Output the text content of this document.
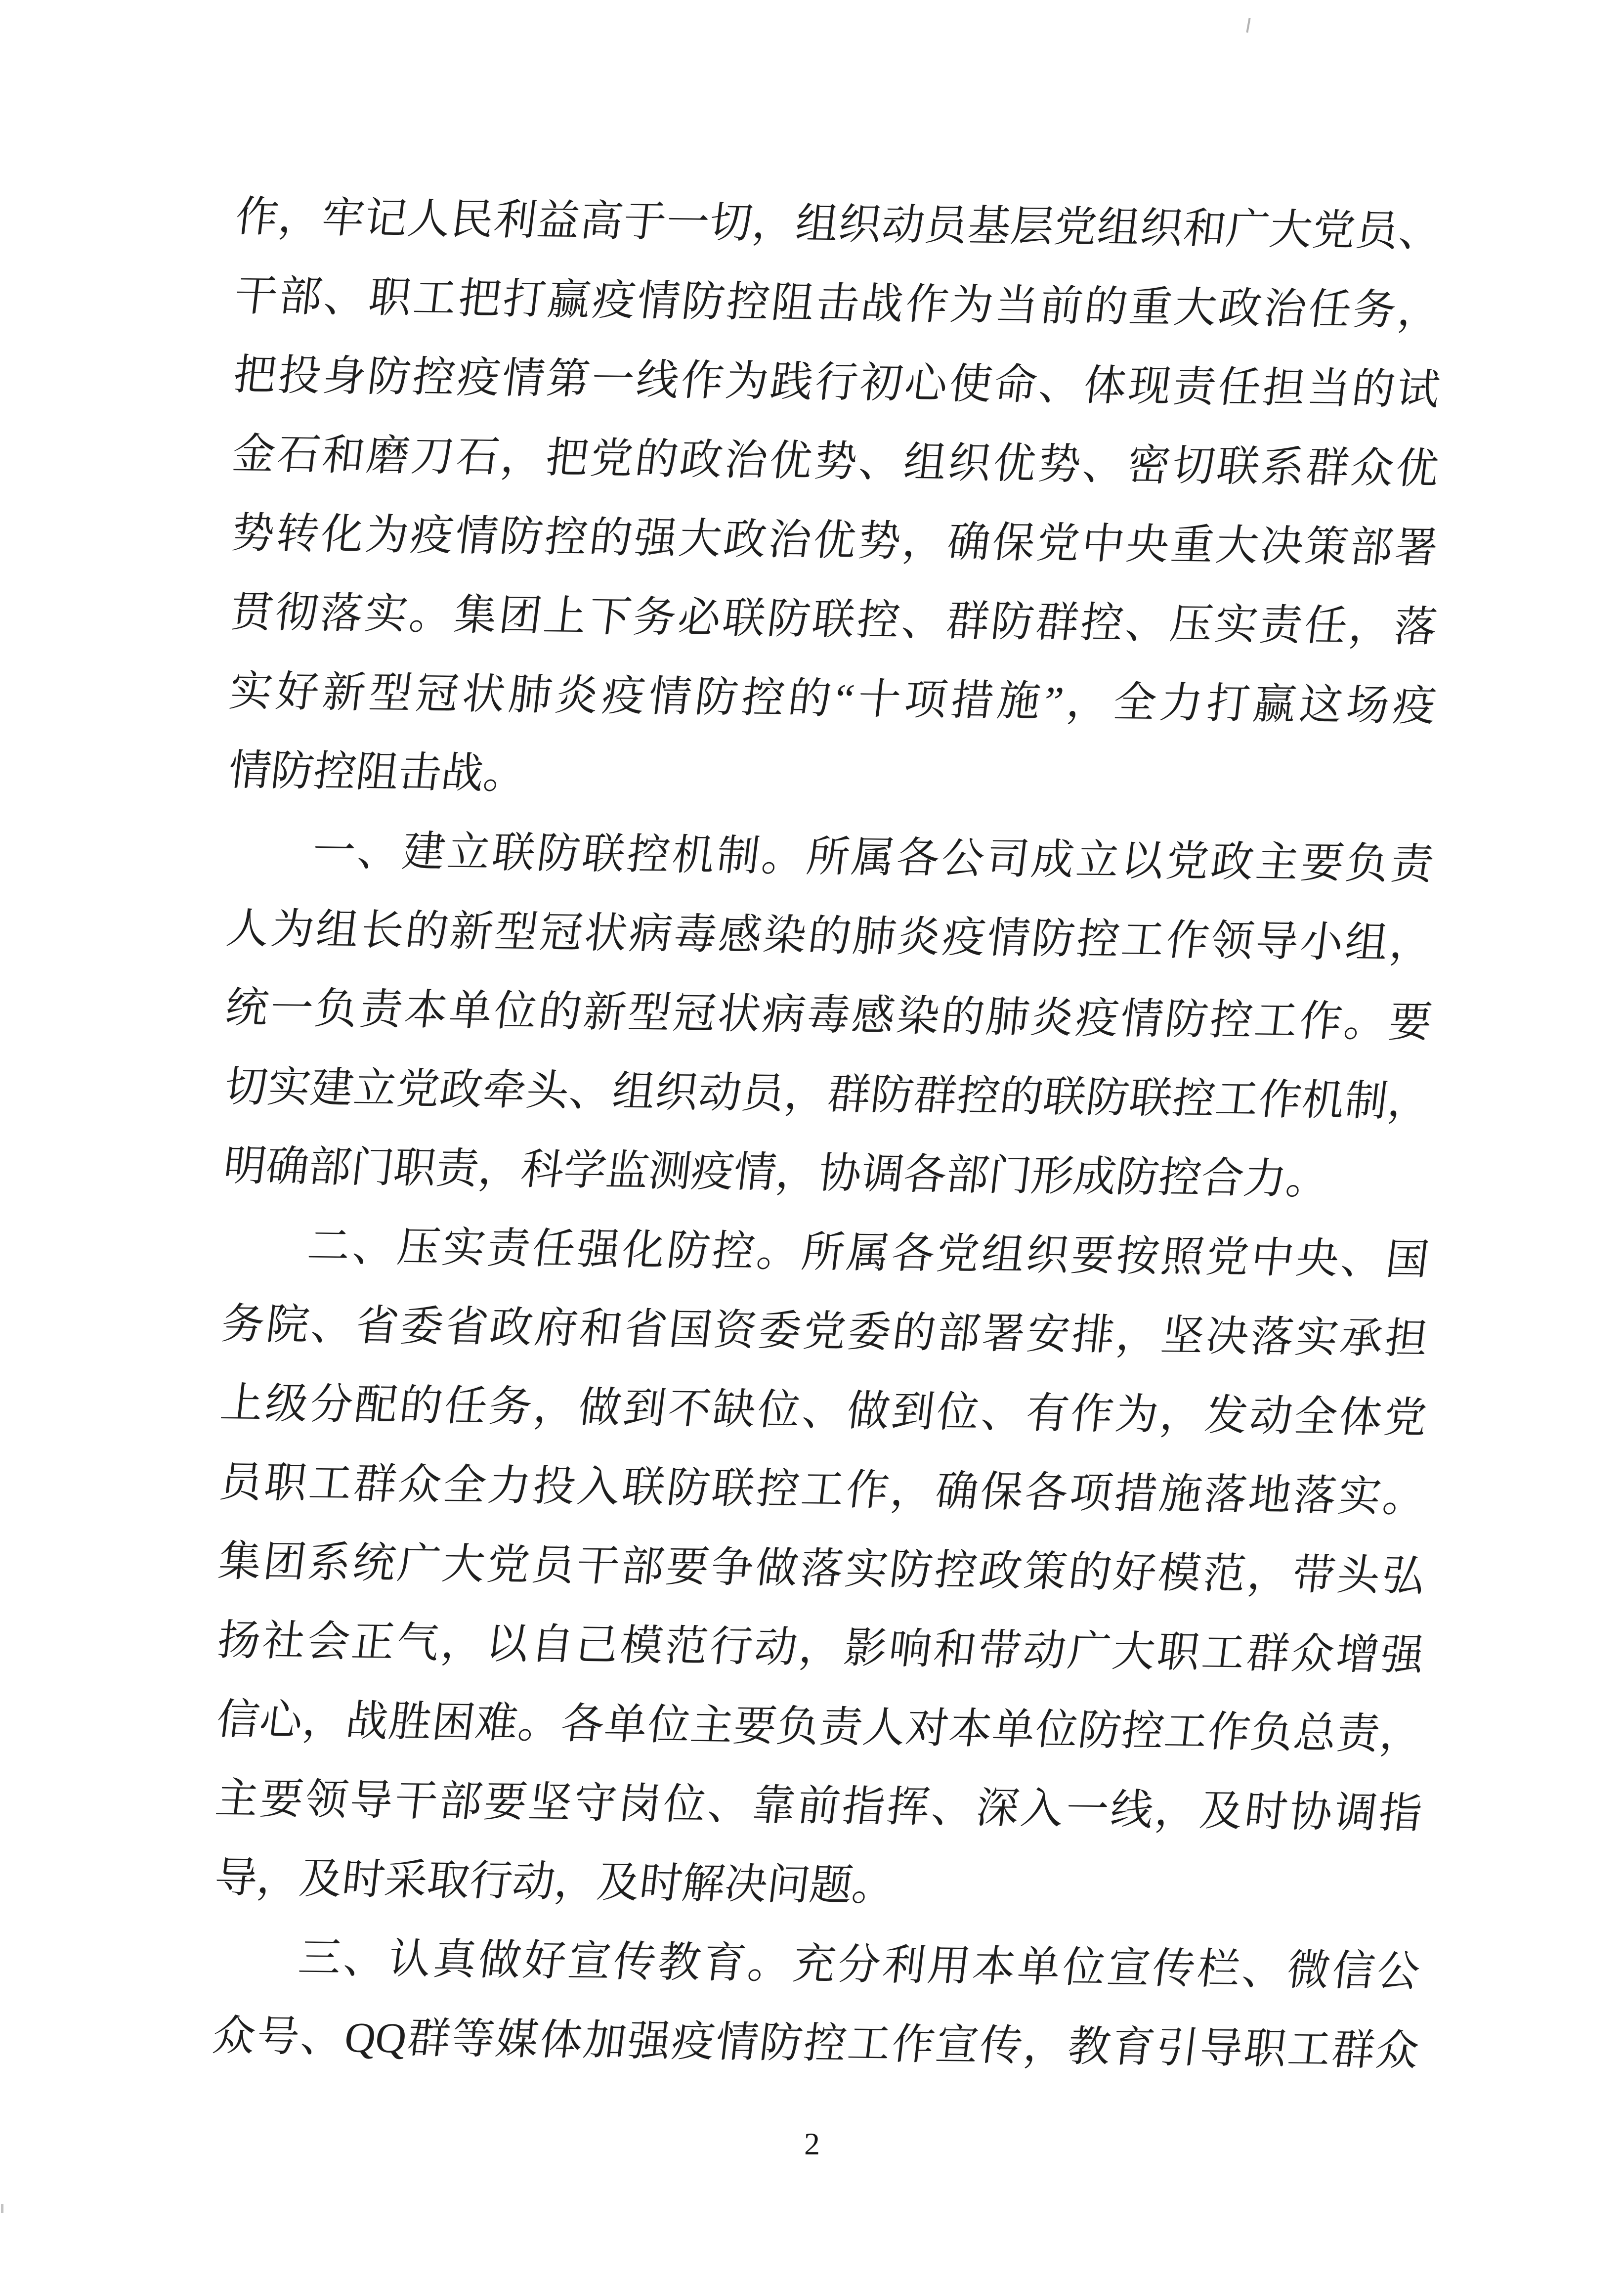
作，牢记人民利益高于一切，组织动员基层党组织和广大党员、
干部、职工把打赢疫情防控阻击战作为当前的重大政治任务，
把投身防控疫情第一线作为践行初心使命、体现责任担当的试
金石和磨刀石，把党的政治优势、组织优势、密切联系群众优
势转化为疫情防控的强大政治优势，确保党中央重大决策部署
贯彻落实。集团上下务必联防联控、群防群控、压实责任，落
实好新型冠状肺炎疫情防控的“十项措施”，全力打赢这场疫
情防控阻击战。
一、建立联防联控机制。所属各公司成立以党政主要负责
人为组长的新型冠状病毒感染的肺炎疫情防控工作领导小组，
统一负责本单位的新型冠状病毒感染的肺炎疫情防控工作。要
切实建立党政牵头、组织动员，群防群控的联防联控工作机制，
明确部门职责，科学监测疫情，协调各部门形成防控合力。
二、压实责任强化防控。所属各党组织要按照党中央、国
务院、省委省政府和省国资委党委的部署安排，坚决落实承担
上级分配的任务，做到不缺位、做到位、有作为，发动全体党
员职工群众全力投入联防联控工作，确保各项措施落地落实。
集团系统广大党员干部要争做落实防控政策的好模范，带头弘
扬社会正气，以自己模范行动，影响和带动广大职工群众增强
信心，战胜困难。各单位主要负责人对本单位防控工作负总责，
主要领导干部要坚守岗位、靠前指挥、深入一线，及时协调指
导，及时采取行动，及时解决问题。
三、认真做好宣传教育。充分利用本单位宣传栏、微信公
众号、QQ群等媒体加强疫情防控工作宣传，教育引导职工群众
2
